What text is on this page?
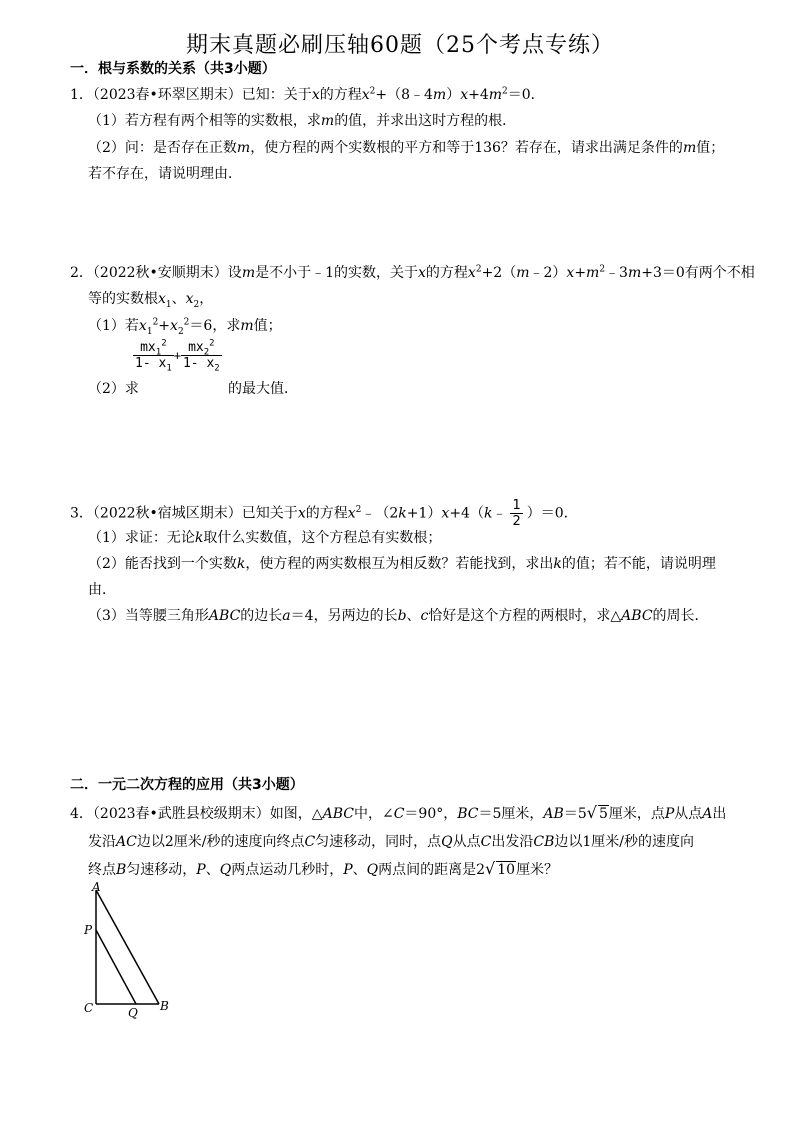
期末真题必刷压轴60题（25个考点专练）
一．根与系数的关系（共3小题）
1．（2023春•环翠区期末）已知：关于x的方程$x^2+(8﹣4m)x+4m^2=0$．
（1）若方程有两个相等的实数根，求m的值，并求出这时方程的根．
（2）问：是否存在正数m，使方程的两个实数根的平方和等于136？若存在，请求出满足条件的m值；
若不存在，请说明理由．
2．（2022秋•安顺期末）设m是不小于﹣1的实数，关于x的方程$x^2+2(m﹣2)x+m^2﹣3m+3=0$有两个不相
等的实数根$x_1$、$x_2$，
（1）若$x_1^2+x_2^2=6$，求m值；
（2）求
$\frac{mx_1^2}{1- x_1} + \frac{mx_2^2}{1- x_2}$
的最大值．
3．（2022秋•宿城区期末）已知关于x的方程$x^2﹣(2k+1)x+4(k﹣ \frac{1}{2} )=0$．
（1）求证：无论k取什么实数值，这个方程总有实数根；
（2）能否找到一个实数k，使方程的两实数根互为相反数？若能找到，求出k的值；若不能，请说明理
由．
（3）当等腰三角形ABC的边长a＝4，另两边的长b、c恰好是这个方程的两根时，求△ABC的周长．
二．一元二次方程的应用（共3小题）
4．（2023春•武胜县校级期末）如图，△ABC中，∠C＝90°，BC＝5厘米，AB＝5√ 5厘米，点P从点A出
发沿AC边以2厘米/秒的速度向终点C匀速移动，同时，点Q从点C出发沿CB边以1厘米/秒的速度向
终点B匀速移动，P、Q两点运动几秒时，P、Q两点间的距离是2√ 10厘米？
A
P
C	Q B
